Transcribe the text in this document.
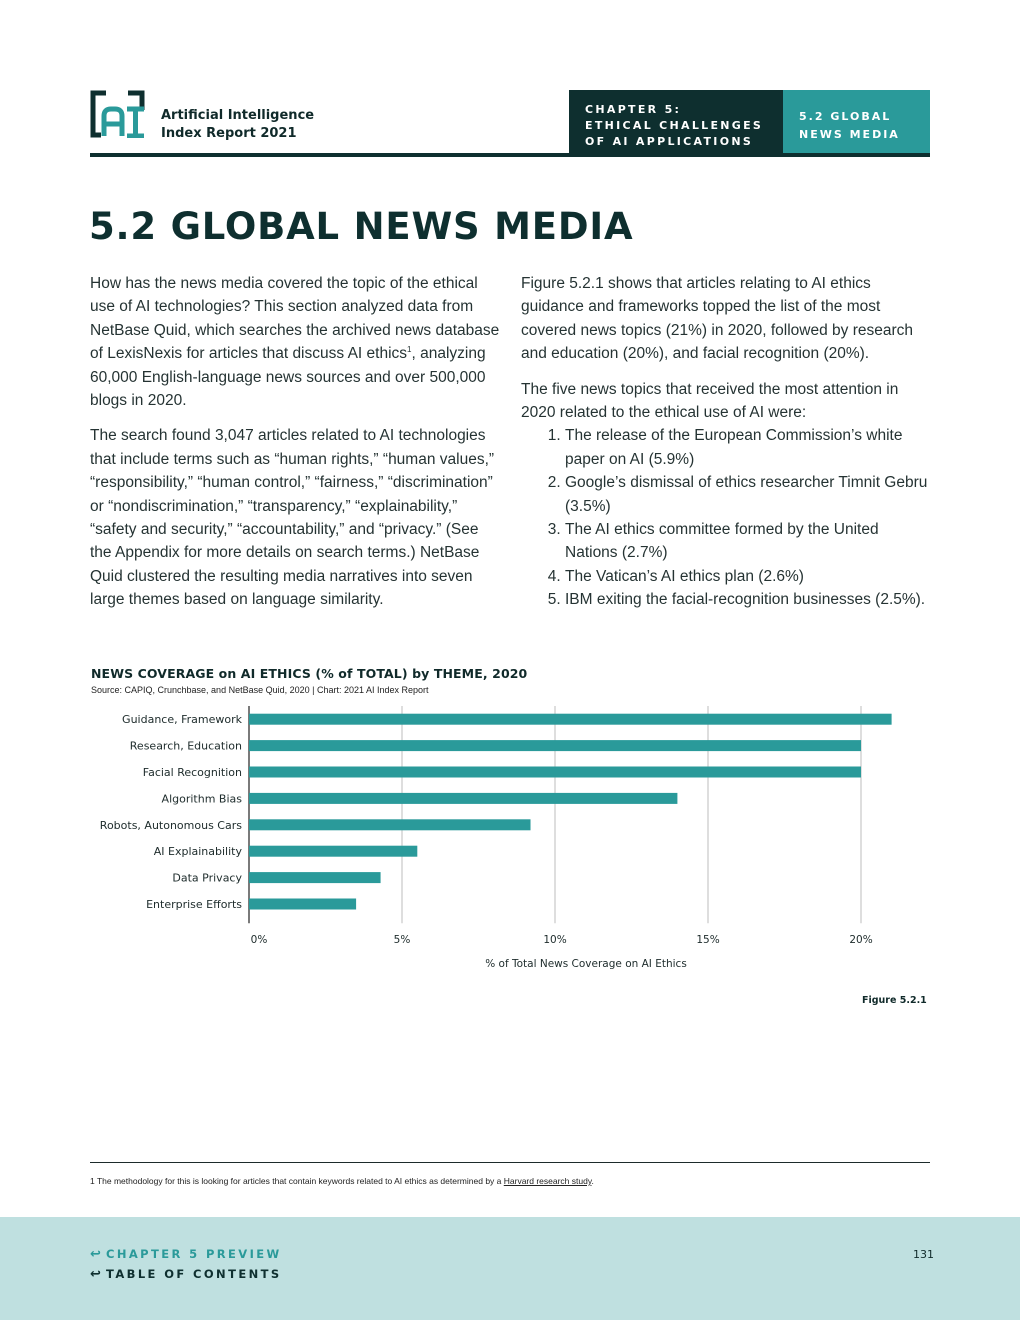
Artificial Intelligence
Index Report 2021
CHAPTER 5:
ETHICAL CHALLENGES
OF AI APPLICATIONS
5.2 GLOBAL
NEWS MEDIA
5.2 GLOBAL NEWS MEDIA

How has the news media covered the topic of the ethical use of AI technologies? This section analyzed data from NetBase Quid, which searches the archived news database of LexisNexis for articles that discuss AI ethics$^1$, analyzing 60,000 English-language news sources and over 500,000 blogs in 2020.

The search found 3,047 articles related to AI technologies that include terms such as “human rights,” “human values,” “responsibility,” “human control,” “fairness,” “discrimination” or “nondiscrimination,” “transparency,” “explainability,” “safety and security,” “accountability,” and “privacy.” (See the Appendix for more details on search terms.) NetBase Quid clustered the resulting media narratives into seven large themes based on language similarity.

Figure 5.2.1 shows that articles relating to AI ethics guidance and frameworks topped the list of the most covered news topics (21%) in 2020, followed by research and education (20%), and facial recognition (20%).

The five news topics that received the most attention in 2020 related to the ethical use of AI were:

1. The release of the European Commission’s white paper on AI (5.9%)
2. Google’s dismissal of ethics researcher Timnit Gebru (3.5%)
3. The AI ethics committee formed by the United Nations (2.7%)
4. The Vatican’s AI ethics plan (2.6%)
5. IBM exiting the facial-recognition businesses (2.5%).
NEWS COVERAGE on AI ETHICS (% of TOTAL) by THEME, 2020
Source: CAPIQ, Crunchbase, and NetBase Quid, 2020 | Chart: 2021 AI Index Report
Guidance, Framework
Research, Education
Facial Recognition
Algorithm Bias
Robots, Autonomous Cars
AI Explainability
Data Privacy
Enterprise Efforts
0%	5%	10%	15%	20%
% of Total News Coverage on AI Ethics
Figure 5.2.1
1 The methodology for this is looking for articles that contain keywords related to AI ethics as determined by a Harvard research study.
↩ CHAPTER 5 PREVIEW
↩ TABLE OF CONTENTS
131
